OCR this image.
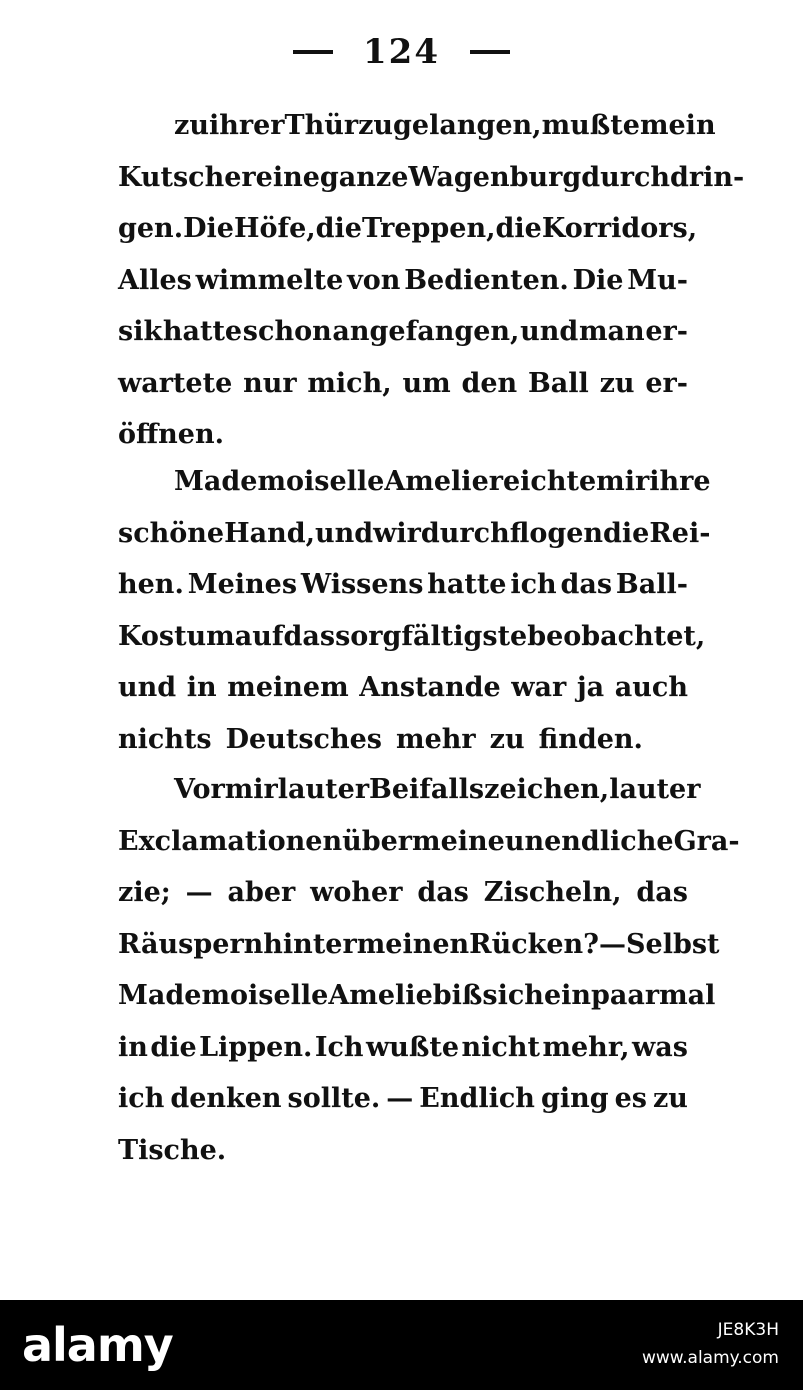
124
zu ihrer Thür zu gelangen, mußte mein
Kutscher eine ganze Wagenburg durchdrin-
gen. Die Höfe, die Treppen, die Korridors,
Alles wimmelte von Bedienten. Die Mu-
sik hatte schon angefangen, und man er-
wartete nur mich, um den Ball zu er-
öffnen.
Mademoiselle Amelie reichte mir ihre
schöne Hand, und wir durchflogen die Rei-
hen. Meines Wissens hatte ich das Ball-
Kostum auf das sorgfältigste beobachtet,
und in meinem Anstande war ja auch
nichts Deutsches mehr zu finden.
Vor mir lauter Beifallszeichen, lauter
Exclamationen über meine unendliche Gra-
zie; — aber woher das Zischeln, das
Räuspern hinter meinen Rücken? — Selbst
Mademoiselle Amelie biß sich ein paarmal
in die Lippen. Ich wußte nicht mehr, was
ich denken sollte. — Endlich ging es zu
Tische.
alamy	JE8K3H
www.alamy.com
